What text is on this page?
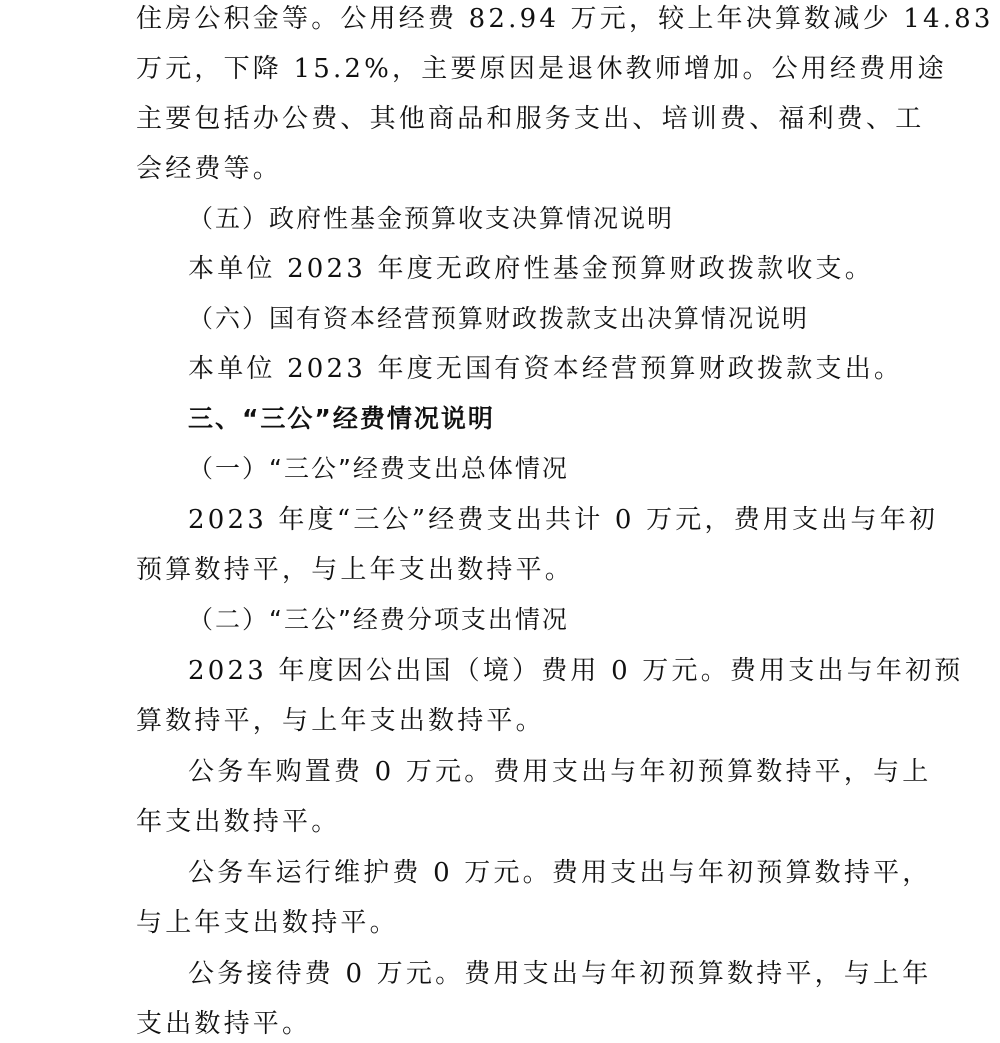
住房公积金等。公用经费 82.94 万元，较上年决算数减少 14.83
万元，下降 15.2%，主要原因是退休教师增加。公用经费用途
主要包括办公费、其他商品和服务支出、培训费、福利费、工
会经费等。
（五）政府性基金预算收支决算情况说明
本单位 2023 年度无政府性基金预算财政拨款收支。
（六）国有资本经营预算财政拨款支出决算情况说明
本单位 2023 年度无国有资本经营预算财政拨款支出。
三、“三公”经费情况说明
（一）“三公”经费支出总体情况
2023 年度“三公”经费支出共计 0 万元，费用支出与年初
预算数持平，与上年支出数持平。
（二）“三公”经费分项支出情况
2023 年度因公出国（境）费用 0 万元。费用支出与年初预
算数持平，与上年支出数持平。
公务车购置费 0 万元。费用支出与年初预算数持平，与上
年支出数持平。
公务车运行维护费 0 万元。费用支出与年初预算数持平，
与上年支出数持平。
公务接待费 0 万元。费用支出与年初预算数持平，与上年
支出数持平。
